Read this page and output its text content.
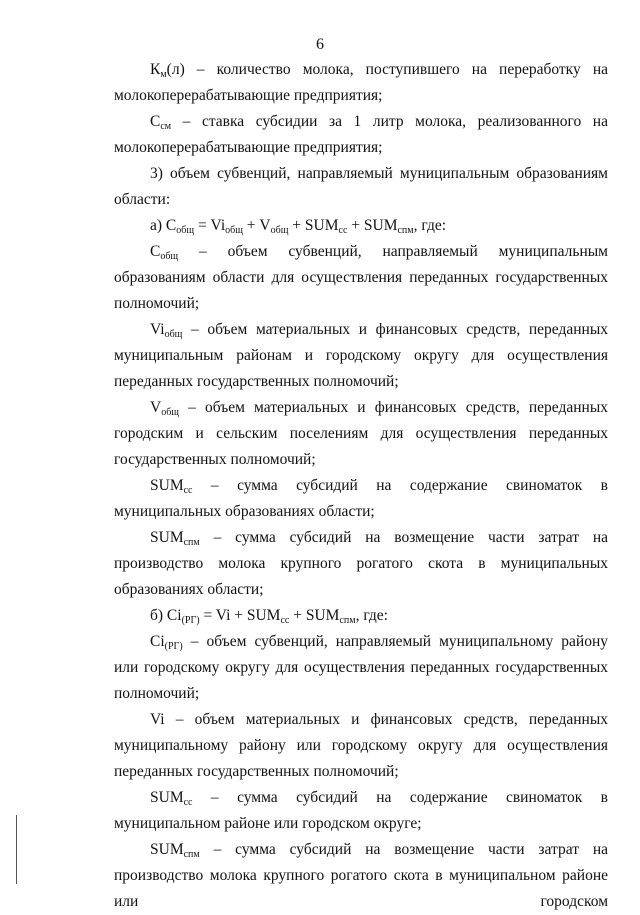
6

$К_м(л)$ – количество молока, поступившего на переработку на молокоперерабатывающие предприятия;

$С_{см}$ – ставка субсидии за 1 литр молока, реализованного на молокоперерабатывающие предприятия;

3) объем субвенций, направляемый муниципальным образованиям области:

а) $С_{общ} = Vi_{общ} + V_{общ} + SUM_{сс} + SUM_{спм}$, где:

$С_{общ}$ – объем субвенций, направляемый муниципальным образованиям области для осуществления переданных государственных полномочий;

$Vi_{общ}$ – объем материальных и финансовых средств, переданных муниципальным районам и городскому округу для осуществления переданных государственных полномочий;

$V_{общ}$ – объем материальных и финансовых средств, переданных городским и сельским поселениям для осуществления переданных государственных полномочий;

$SUM_{сс}$ – сумма субсидий на содержание свиноматок в муниципальных образованиях области;

$SUM_{спм}$ – сумма субсидий на возмещение части затрат на производство молока крупного рогатого скота в муниципальных образованиях области;

б) $Ci_{(РГ)} = Vi + SUM_{сс} + SUM_{спм}$, где:

$Ci_{(РГ)}$ – объем субвенций, направляемый муниципальному району или городскому округу для осуществления переданных государственных полномочий;

Vi – объем материальных и финансовых средств, переданных муниципальному району или городскому округу для осуществления переданных государственных полномочий;

$SUM_{сс}$ – сумма субсидий на содержание свиноматок в муниципальном районе или городском округе;

$SUM_{спм}$ – сумма субсидий на возмещение части затрат на производство молока крупного рогатого скота в муниципальном районе или городском
